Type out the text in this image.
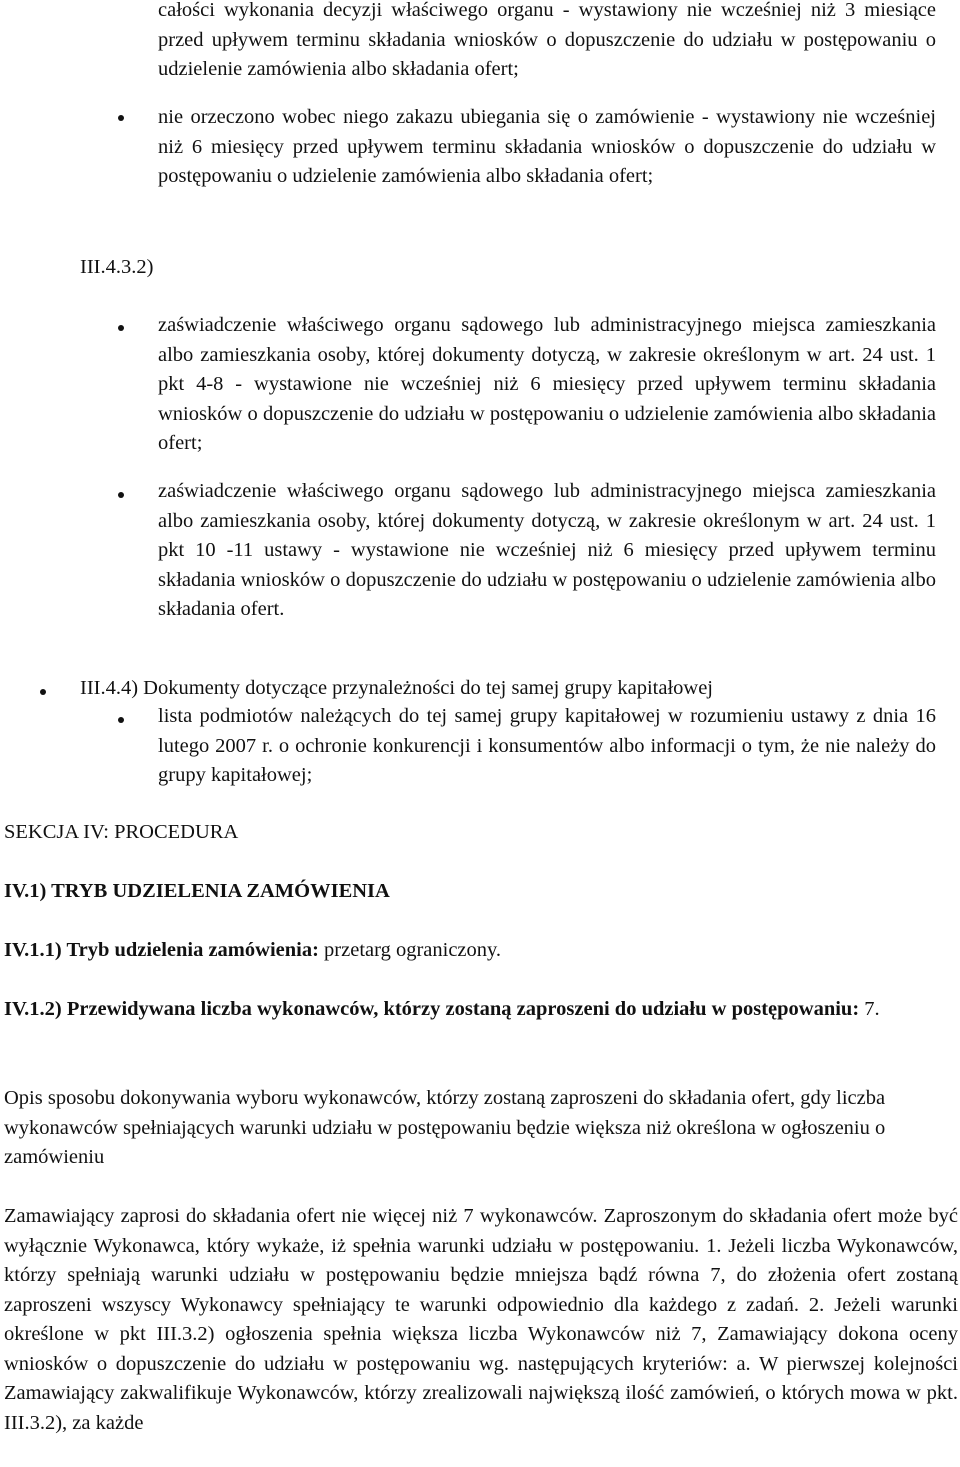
całości wykonania decyzji właściwego organu - wystawiony nie wcześniej niż 3 miesiące przed upływem terminu składania wniosków o dopuszczenie do udziału w postępowaniu o udzielenie zamówienia albo składania ofert;

nie orzeczono wobec niego zakazu ubiegania się o zamówienie - wystawiony nie wcześniej niż 6 miesięcy przed upływem terminu składania wniosków o dopuszczenie do udziału w postępowaniu o udzielenie zamówienia albo składania ofert;

III.4.3.2)

zaświadczenie właściwego organu sądowego lub administracyjnego miejsca zamieszkania albo zamieszkania osoby, której dokumenty dotyczą, w zakresie określonym w art. 24 ust. 1 pkt 4-8 - wystawione nie wcześniej niż 6 miesięcy przed upływem terminu składania wniosków o dopuszczenie do udziału w postępowaniu o udzielenie zamówienia albo składania ofert;

zaświadczenie właściwego organu sądowego lub administracyjnego miejsca zamieszkania albo zamieszkania osoby, której dokumenty dotyczą, w zakresie określonym w art. 24 ust. 1 pkt 10 -11 ustawy - wystawione nie wcześniej niż 6 miesięcy przed upływem terminu składania wniosków o dopuszczenie do udziału w postępowaniu o udzielenie zamówienia albo składania ofert.

III.4.4) Dokumenty dotyczące przynależności do tej samej grupy kapitałowej

lista podmiotów należących do tej samej grupy kapitałowej w rozumieniu ustawy z dnia 16 lutego 2007 r. o ochronie konkurencji i konsumentów albo informacji o tym, że nie należy do grupy kapitałowej;

SEKCJA IV: PROCEDURA

IV.1) TRYB UDZIELENIA ZAMÓWIENIA

IV.1.1) Tryb udzielenia zamówienia: przetarg ograniczony.

IV.1.2) Przewidywana liczba wykonawców, którzy zostaną zaproszeni do udziału w postępowaniu: 7.

Opis sposobu dokonywania wyboru wykonawców, którzy zostaną zaproszeni do składania ofert, gdy liczba wykonawców spełniających warunki udziału w postępowaniu będzie większa niż określona w ogłoszeniu o zamówieniu

Zamawiający zaprosi do składania ofert nie więcej niż 7 wykonawców. Zaproszonym do składania ofert może być wyłącznie Wykonawca, który wykaże, iż spełnia warunki udziału w postępowaniu. 1. Jeżeli liczba Wykonawców, którzy spełniają warunki udziału w postępowaniu będzie mniejsza bądź równa 7, do złożenia ofert zostaną zaproszeni wszyscy Wykonawcy spełniający te warunki odpowiednio dla każdego z zadań. 2. Jeżeli warunki określone w pkt III.3.2) ogłoszenia spełnia większa liczba Wykonawców niż 7, Zamawiający dokona oceny wniosków o dopuszczenie do udziału w postępowaniu wg. następujących kryteriów: a. W pierwszej kolejności Zamawiający zakwalifikuje Wykonawców, którzy zrealizowali największą ilość zamówień, o których mowa w pkt. III.3.2), za każde
